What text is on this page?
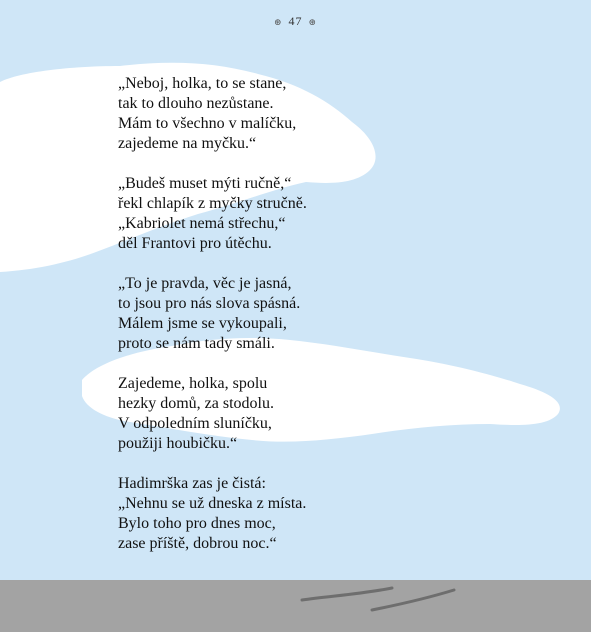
⊛ 47 ⊛
„Neboj, holka, to se stane,
tak to dlouho nezůstane.
Mám to všechno v malíčku,
zajedeme na myčku.“
„Budeš muset mýti ručně,“
řekl chlapík z myčky stručně.
„Kabriolet nemá střechu,“
děl Frantovi pro útěchu.
„To je pravda, věc je jasná,
to jsou pro nás slova spásná.
Málem jsme se vykoupali,
proto se nám tady smáli.
Zajedeme, holka, spolu
hezky domů, za stodolu.
V odpoledním sluníčku,
použiji houbičku.“
Hadimrška zas je čistá:
„Nehnu se už dneska z místa.
Bylo toho pro dnes moc,
zase příště, dobrou noc.“
